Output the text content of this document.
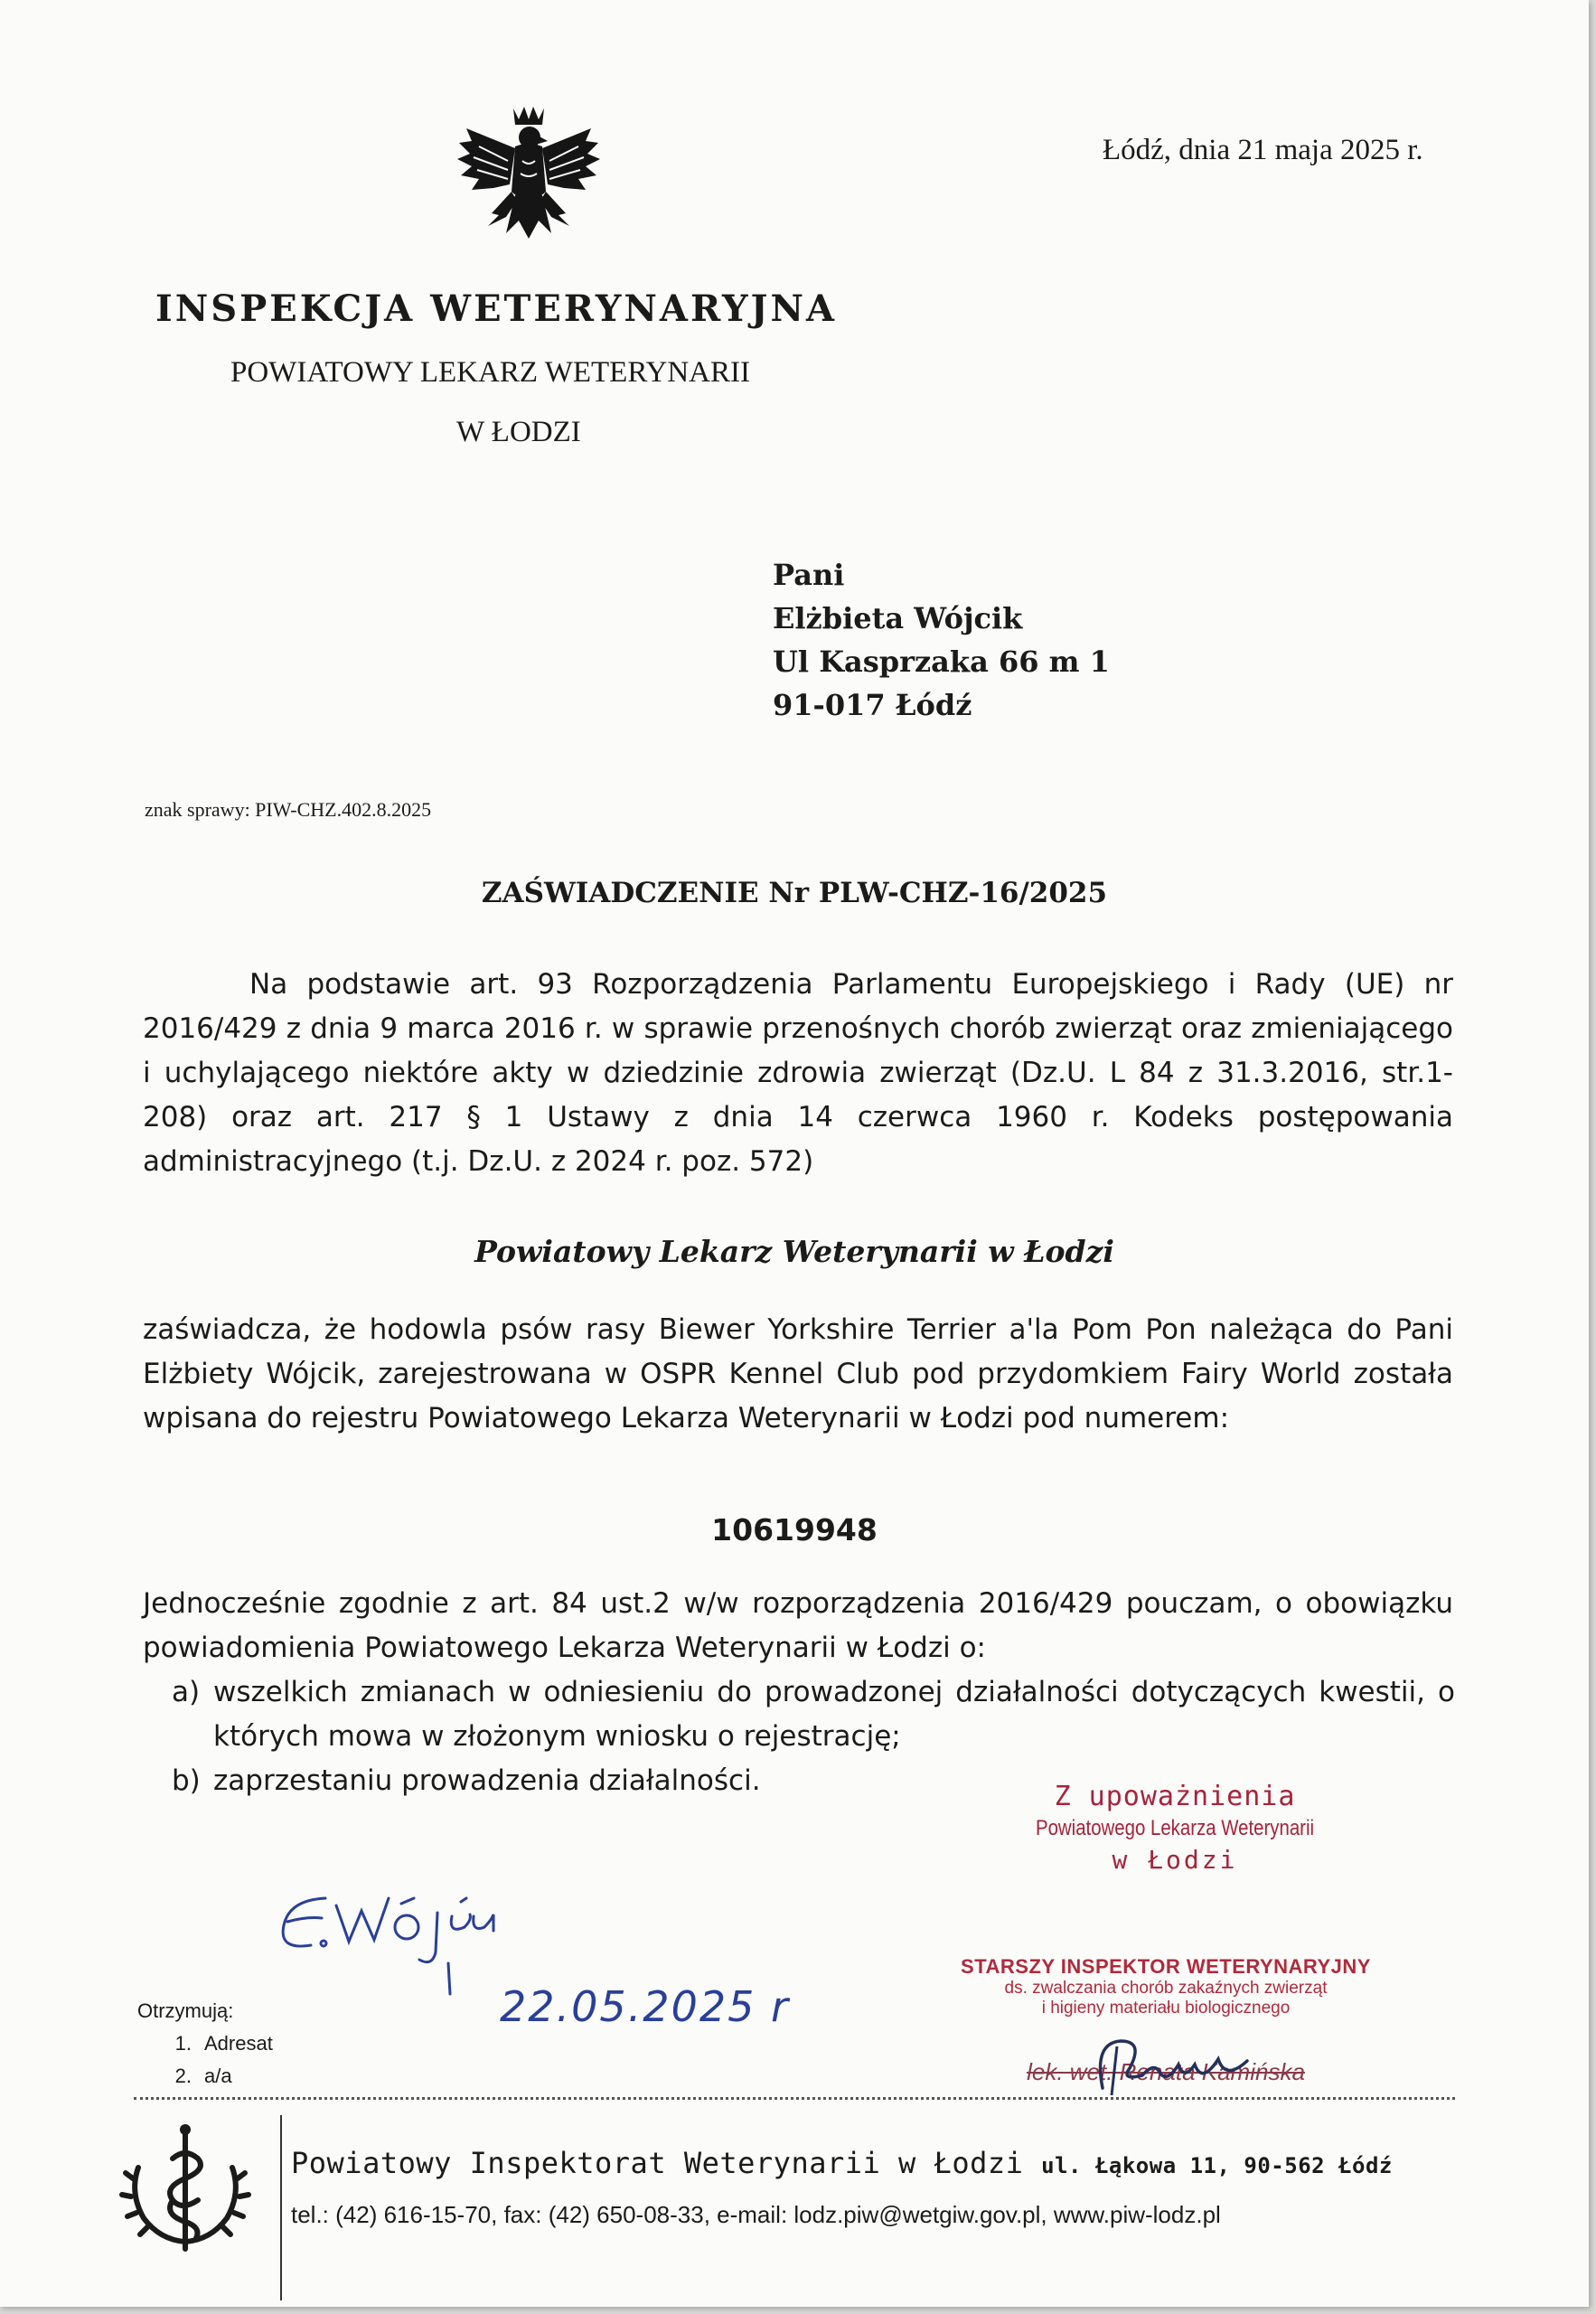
Łódź, dnia 21 maja 2025 r.
INSPEKCJA WETERYNARYJNA
POWIATOWY LEKARZ WETERYNARII
W ŁODZI
Pani
Elżbieta Wójcik
Ul Kasprzaka 66 m 1
91-017 Łódź
znak sprawy: PIW-CHZ.402.8.2025
ZAŚWIADCZENIE Nr PLW-CHZ-16/2025
Na podstawie art. 93 Rozporządzenia Parlamentu Europejskiego i Rady (UE) nr 2016/429 z dnia 9 marca 2016 r. w sprawie przenośnych chorób zwierząt oraz zmieniającego i uchylającego niektóre akty w dziedzinie zdrowia zwierząt (Dz.U. L 84 z 31.3.2016, str.1-208) oraz art. 217 § 1 Ustawy z dnia 14 czerwca 1960 r. Kodeks postępowania administracyjnego (t.j. Dz.U. z 2024 r. poz. 572)
Powiatowy Lekarz Weterynarii w Łodzi
zaświadcza, że hodowla psów rasy Biewer Yorkshire Terrier a'la Pom Pon należąca do Pani Elżbiety Wójcik, zarejestrowana w OSPR Kennel Club pod przydomkiem Fairy World została wpisana do rejestru Powiatowego Lekarza Weterynarii w Łodzi pod numerem:
10619948
Jednocześnie zgodnie z art. 84 ust.2 w/w rozporządzenia 2016/429 pouczam, o obowiązku powiadomienia Powiatowego Lekarza Weterynarii w Łodzi o:
a) wszelkich zmianach w odniesieniu do prowadzonej działalności dotyczących kwestii, o których mowa w złożonym wniosku o rejestrację;
b) zaprzestaniu prowadzenia działalności.	Z upoważnienia
Powiatowego Lekarza Weterynarii
w Łodzi
STARSZY INSPEKTOR WETERYNARYJNY
ds. zwalczania chorób zakaźnych zwierząt
i higieny materiału biologicznego
lek. wet. Renata Kamińska
22.05.2025 r
Otrzymują:
1. Adresat
2. a/a
Powiatowy Inspektorat Weterynarii w Łodzi ul. Łąkowa 11, 90-562 Łódź
tel.: (42) 616-15-70, fax: (42) 650-08-33, e-mail: lodz.piw@wetgiw.gov.pl, www.piw-lodz.pl
